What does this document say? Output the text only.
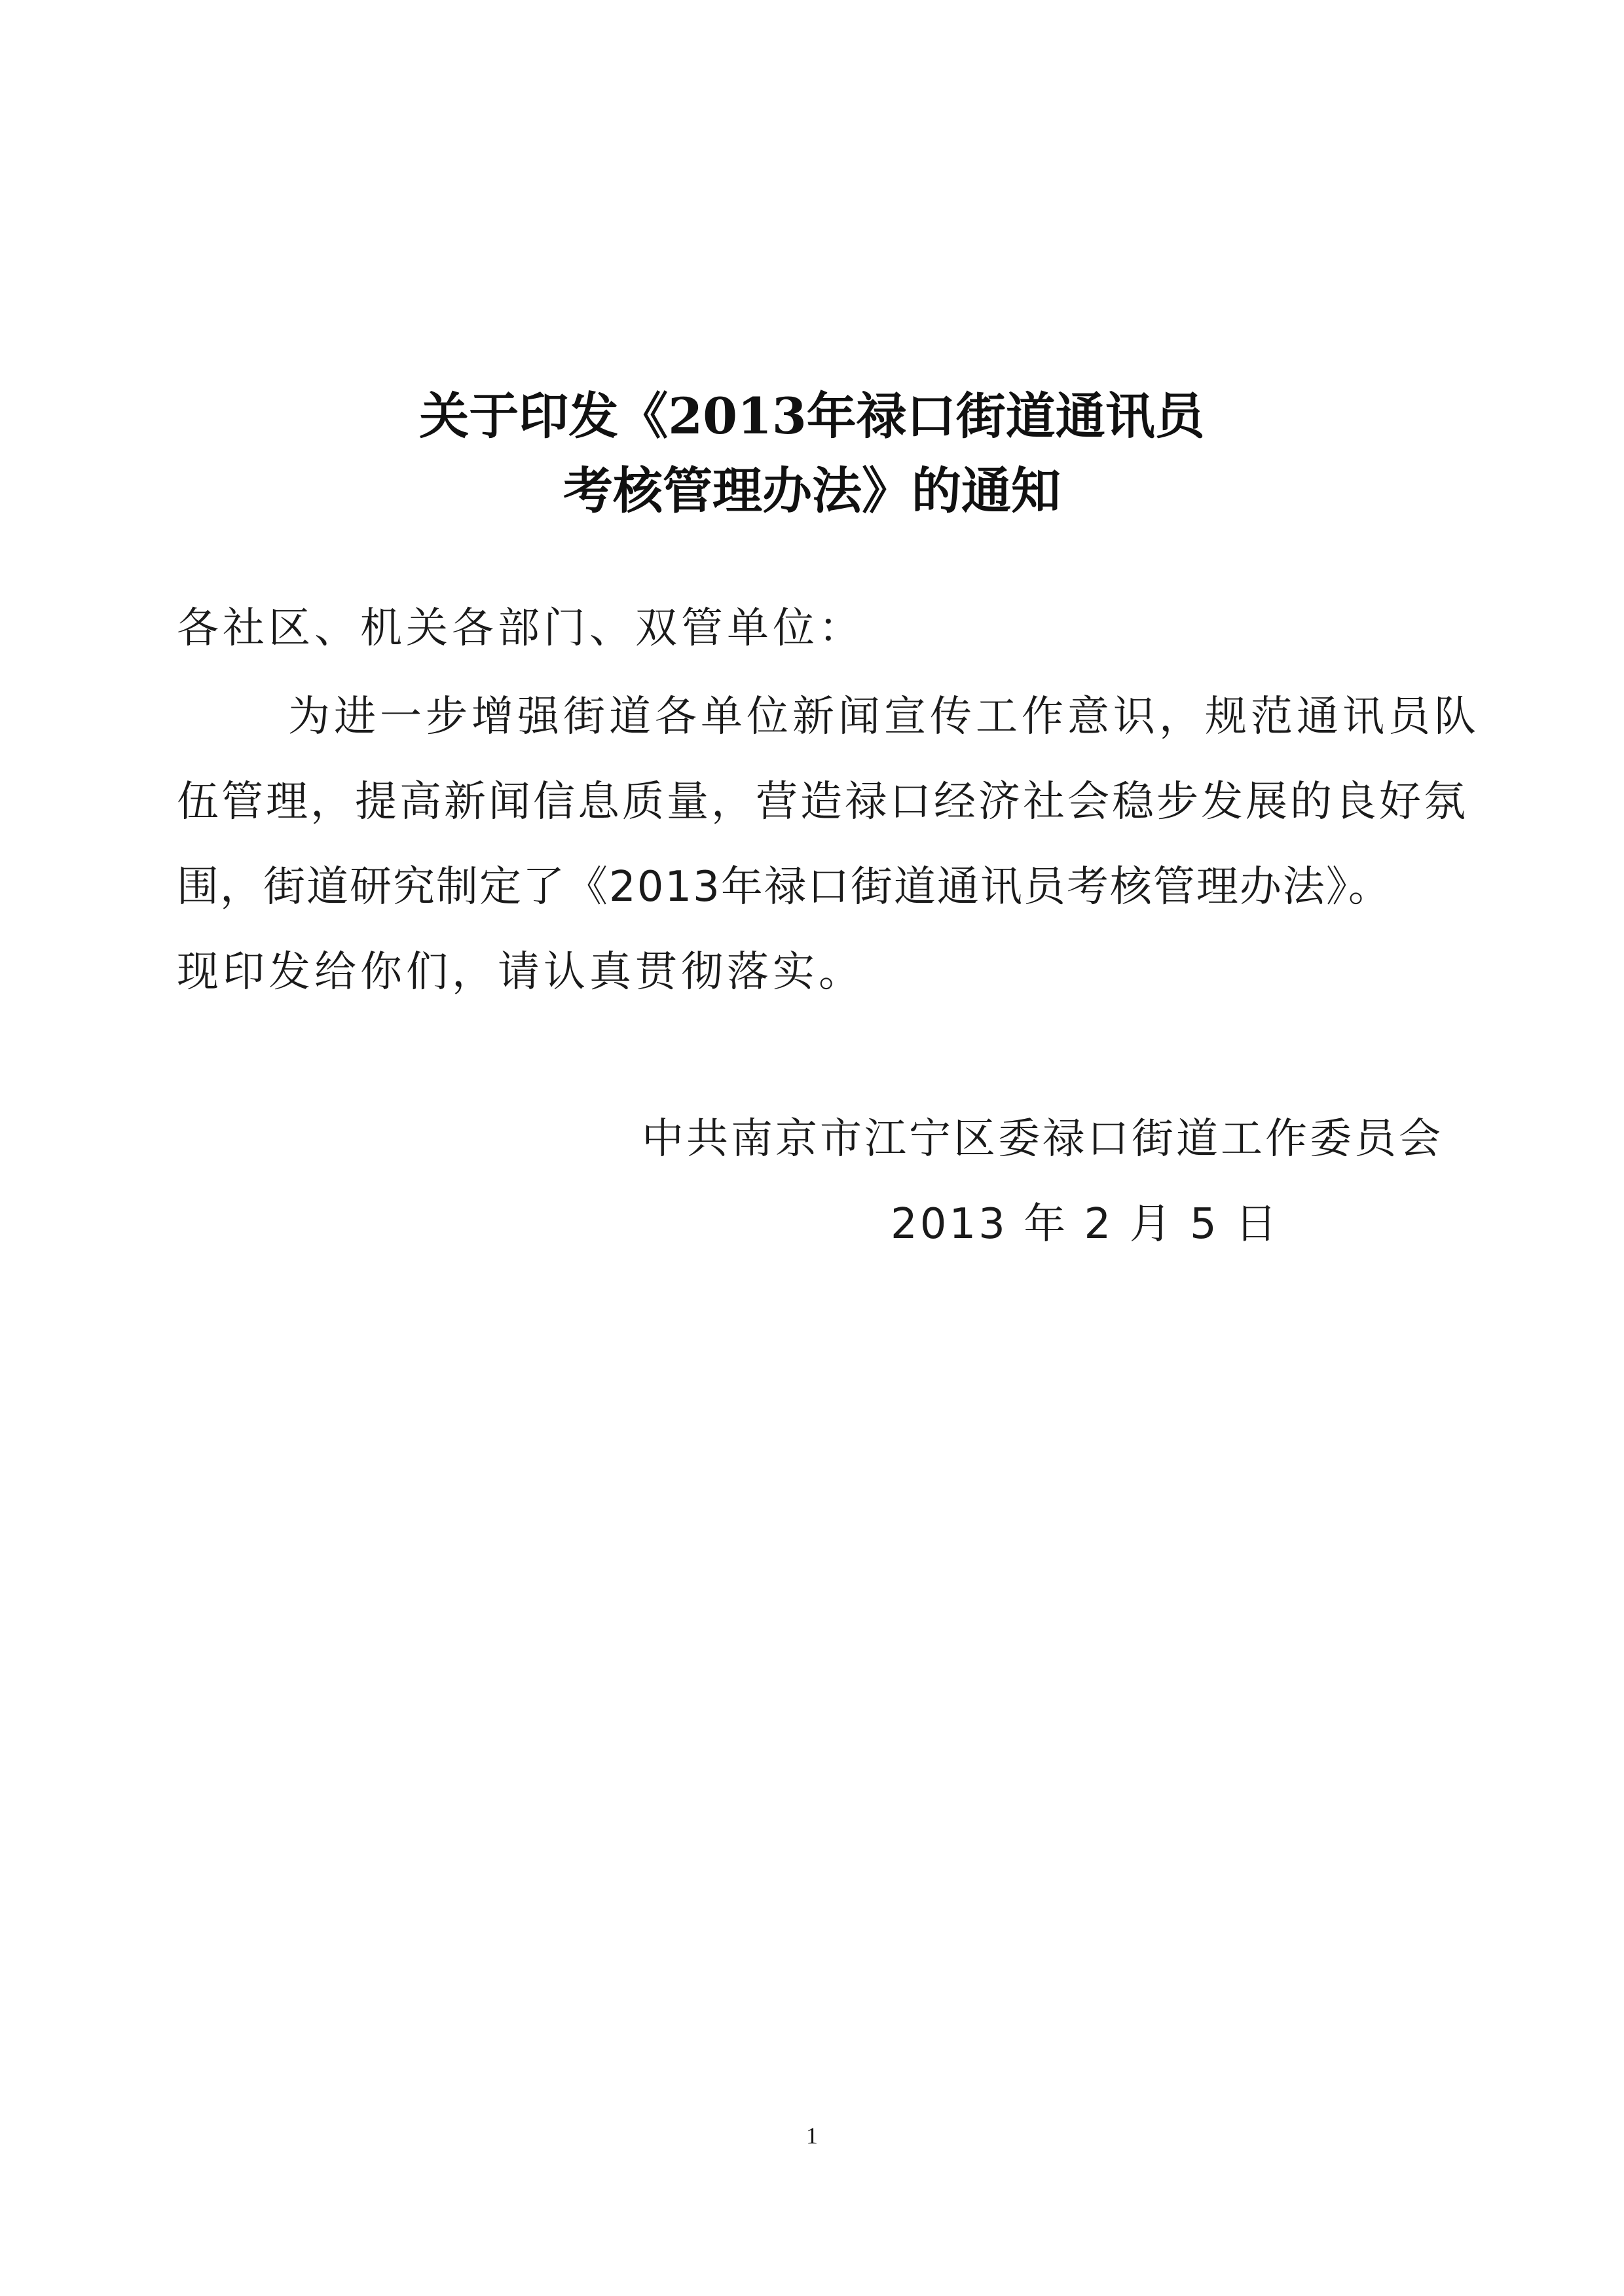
关于印发《2013年禄口街道通讯员
考核管理办法》的通知
各社区、机关各部门、双管单位：
为进一步增强街道各单位新闻宣传工作意识，规范通讯员队
伍管理，提高新闻信息质量，营造禄口经济社会稳步发展的良好氛
围，街道研究制定了《2013年禄口街道通讯员考核管理办法》。
现印发给你们，请认真贯彻落实。
中共南京市江宁区委禄口街道工作委员会
2013 年 2 月 5 日
1
